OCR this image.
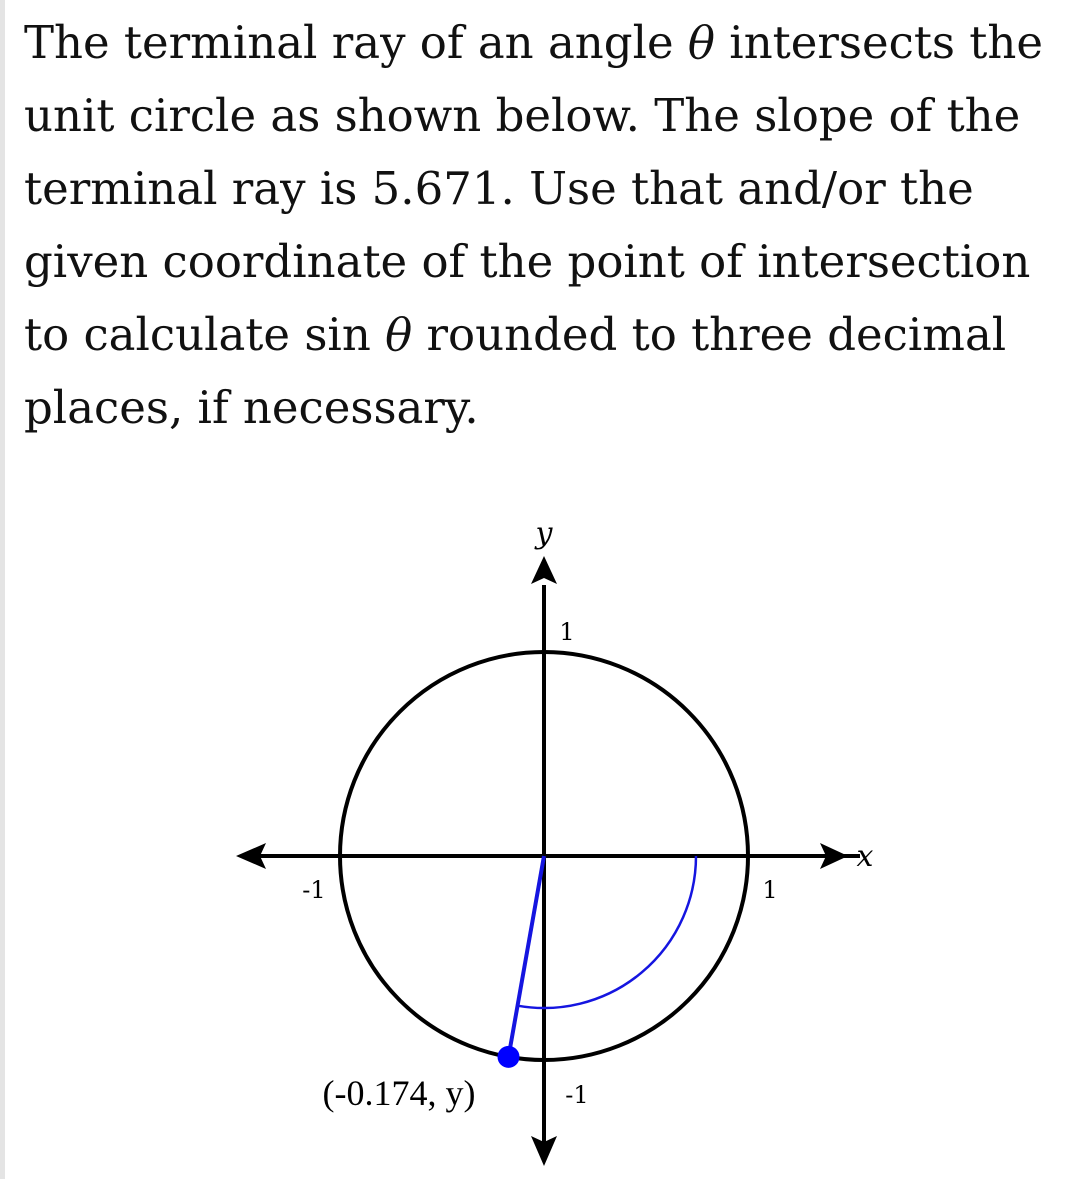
The terminal ray of an angle θ intersects the unit circle as shown below. The slope of the terminal ray is 5.671. Use that and/or the given coordinate of the point of intersection to calculate sin θ rounded to three decimal places, if necessary.

y
x
1
-1
1
-1
(-0.174, y)
